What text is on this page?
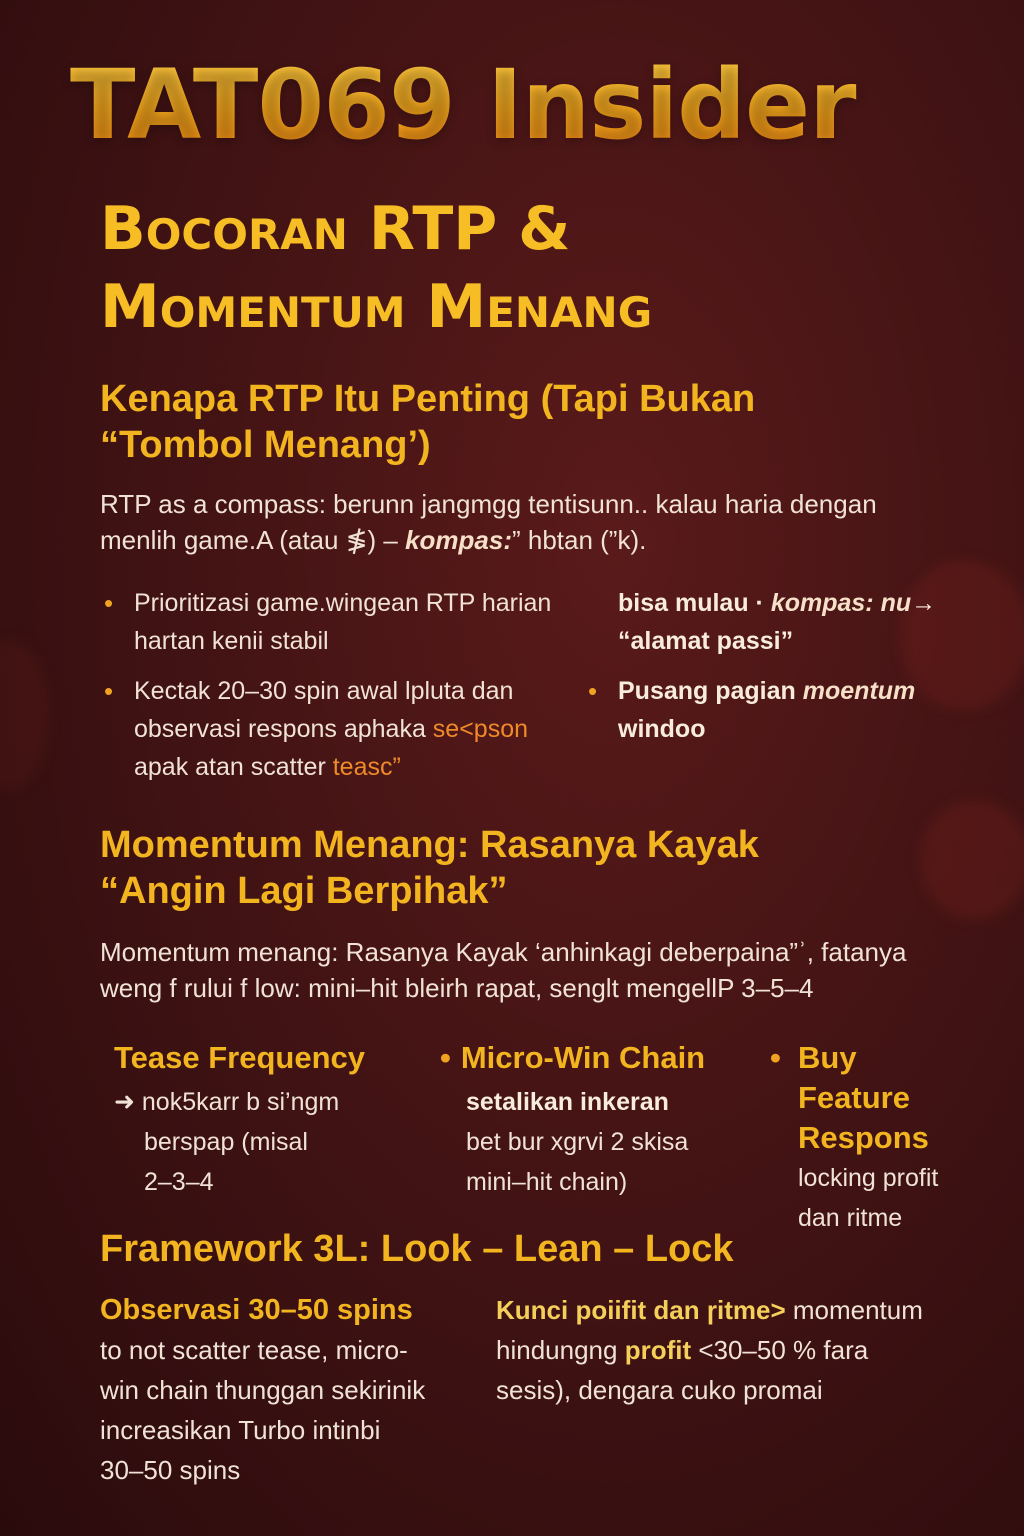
TAT069 Insider
Bocoran RTP &
Momentum Menang
Kenapa RTP Itu Penting (Tapi Bukan
“Tombol Menang’)
RTP as a compass: berunn jangmgg tentisunn.. kalau haria dengan
menlih game.A (atau ≸) – kompas:” hbtan (”k).
• Prioritizasi game.wingean RTP harian
hartan kenii stabil
• Kectak 20–30 spin awal lpluta dan
observasi respons aphaka se<pson
apak atan scatter teasc”
bisa mulau · kompas: nu→
“alamat passi”
• Pusang pagian moentum
windoo
Momentum Menang: Rasanya Kayak
“Angin Lagi Berpihak”
Momentum menang: Rasanya Kayak ‘anhinkagi deberpaina”ʾ, fatanya
weng f rului f low: mini–hit bleirh rapat, senglt mengellP 3–5–4
Tease Frequency
➜ nok5karr b si’ngm
berspap (misal
2–3–4
• Micro-Win Chain
setalikan inkeran
bet bur xgrvi 2 skisa
mini–hit chain)
• Buy
Feature
Respons
locking profit
dan ritme
Framework 3L: Look – Lean – Lock
Observasi 30–50 spins
to not scatter tease, micro-
win chain thunggan sekirinik
increasikan Turbo intinbi
30–50 spins
Kunci poiifit dan ɼitme> momentum
hindungng profit <30–50 % fara
sesis), dengara cuko promai
